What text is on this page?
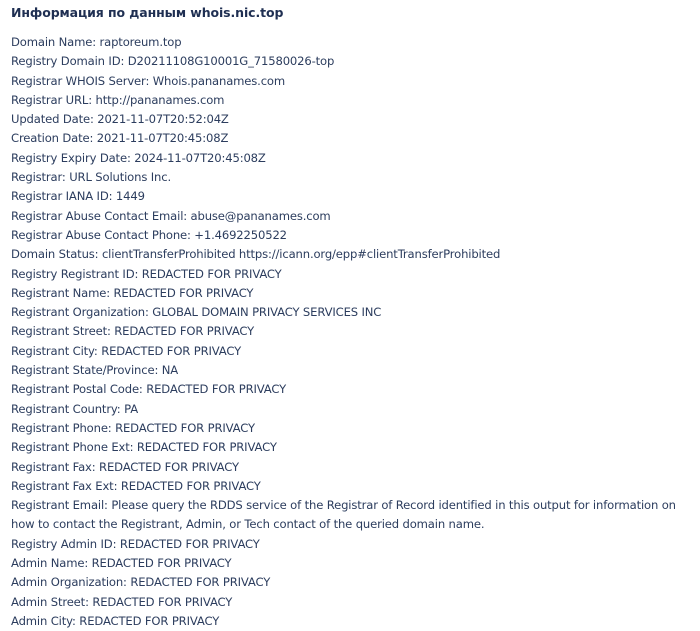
Информация по данным whois.nic.top
Domain Name: raptoreum.top
Registry Domain ID: D20211108G10001G_71580026-top
Registrar WHOIS Server: Whois.pananames.com
Registrar URL: http://pananames.com
Updated Date: 2021-11-07T20:52:04Z
Creation Date: 2021-11-07T20:45:08Z
Registry Expiry Date: 2024-11-07T20:45:08Z
Registrar: URL Solutions Inc.
Registrar IANA ID: 1449
Registrar Abuse Contact Email: abuse@pananames.com
Registrar Abuse Contact Phone: +1.4692250522
Domain Status: clientTransferProhibited https://icann.org/epp#clientTransferProhibited
Registry Registrant ID: REDACTED FOR PRIVACY
Registrant Name: REDACTED FOR PRIVACY
Registrant Organization: GLOBAL DOMAIN PRIVACY SERVICES INC
Registrant Street: REDACTED FOR PRIVACY
Registrant City: REDACTED FOR PRIVACY
Registrant State/Province: NA
Registrant Postal Code: REDACTED FOR PRIVACY
Registrant Country: PA
Registrant Phone: REDACTED FOR PRIVACY
Registrant Phone Ext: REDACTED FOR PRIVACY
Registrant Fax: REDACTED FOR PRIVACY
Registrant Fax Ext: REDACTED FOR PRIVACY
Registrant Email: Please query the RDDS service of the Registrar of Record identified in this output for information on how to contact the Registrant, Admin, or Tech contact of the queried domain name.
Registry Admin ID: REDACTED FOR PRIVACY
Admin Name: REDACTED FOR PRIVACY
Admin Organization: REDACTED FOR PRIVACY
Admin Street: REDACTED FOR PRIVACY
Admin City: REDACTED FOR PRIVACY
